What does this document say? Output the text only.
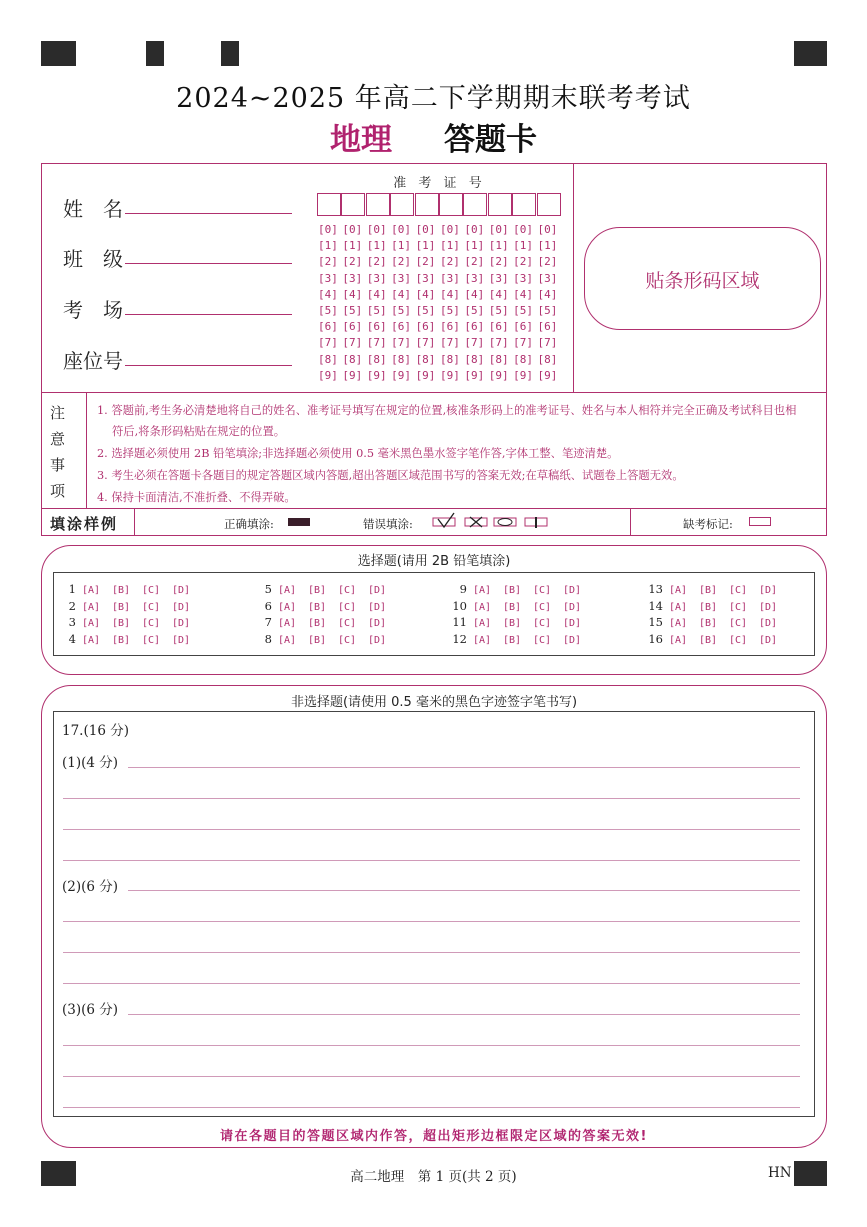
2024~2025 年高二下学期期末联考考试
地理 答题卡
姓　名
班　级
考　场
座位号
准 考 证 号
[0] [0] [0] [0] [0] [0] [0] [0] [0] [0]
[1] [1] [1] [1] [1] [1] [1] [1] [1] [1]
[2] [2] [2] [2] [2] [2] [2] [2] [2] [2]
[3] [3] [3] [3] [3] [3] [3] [3] [3] [3]
[4] [4] [4] [4] [4] [4] [4] [4] [4] [4]
[5] [5] [5] [5] [5] [5] [5] [5] [5] [5]
[6] [6] [6] [6] [6] [6] [6] [6] [6] [6]
[7] [7] [7] [7] [7] [7] [7] [7] [7] [7]
[8] [8] [8] [8] [8] [8] [8] [8] [8] [8]
[9] [9] [9] [9] [9] [9] [9] [9] [9] [9]
贴条形码区域
注
意
事
项
1. 答题前,考生务必清楚地将自己的姓名、准考证号填写在规定的位置,核准条形码上的准考证号、姓名与本人相符并完全正确及考试科目也相
符后,将条形码粘贴在规定的位置。
2. 选择题必须使用 2B 铅笔填涂;非选择题必须使用 0.5 毫米黑色墨水签字笔作答,字体工整、笔迹清楚。
3. 考生必须在答题卡各题目的规定答题区域内答题,超出答题区域范围书写的答案无效;在草稿纸、试题卷上答题无效。
4. 保持卡面清洁,不准折叠、不得弄破。
填涂样例	正确填涂:	错误填涂:	缺考标记:
选择题(请用 2B 铅笔填涂)
1 [A] [B] [C] [D]
2 [A] [B] [C] [D]
3 [A] [B] [C] [D]
4 [A] [B] [C] [D]
5 [A] [B] [C] [D]
6 [A] [B] [C] [D]
7 [A] [B] [C] [D]
8 [A] [B] [C] [D]
9 [A] [B] [C] [D]
10 [A] [B] [C] [D]
11 [A] [B] [C] [D]
12 [A] [B] [C] [D]
13 [A] [B] [C] [D]
14 [A] [B] [C] [D]
15 [A] [B] [C] [D]
16 [A] [B] [C] [D]
非选择题(请使用 0.5 毫米的黑色字迹签字笔书写)
17.(16 分)
(1)(4 分)
(2)(6 分)
(3)(6 分)
请在各题目的答题区域内作答，超出矩形边框限定区域的答案无效!
高二地理　第 1 页(共 2 页)	HN
